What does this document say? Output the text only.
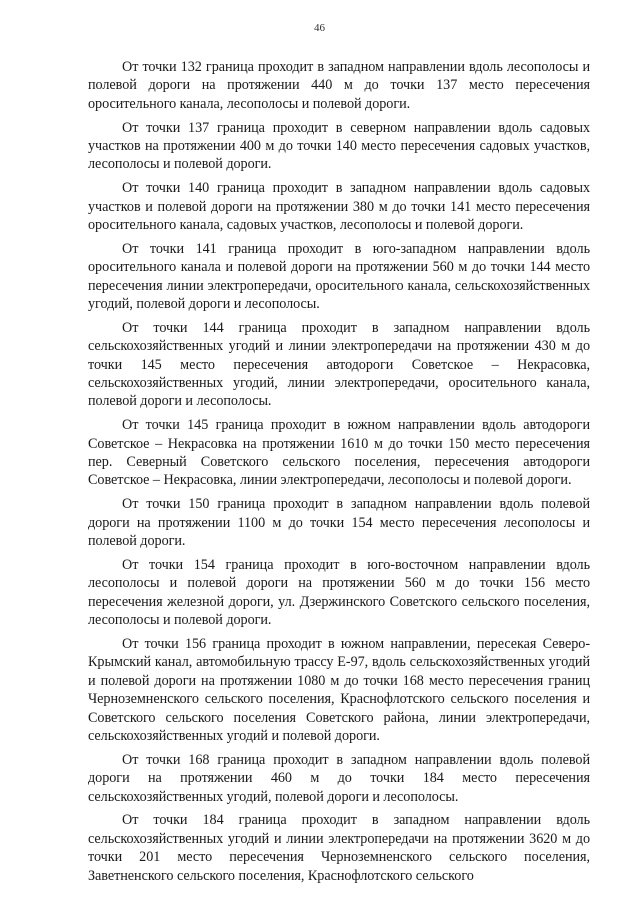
46

От точки 132 граница проходит в западном направлении вдоль лесополосы и полевой дороги на протяжении 440 м до точки 137 место пересечения оросительного канала, лесополосы и полевой дороги.

От точки 137 граница проходит в северном направлении вдоль садовых участков на протяжении 400 м до точки 140 место пересечения садовых участков, лесополосы и полевой дороги.

От точки 140 граница проходит в западном направлении вдоль садовых участков и полевой дороги на протяжении 380 м до точки 141 место пересечения оросительного канала, садовых участков, лесополосы и полевой дороги.

От точки 141 граница проходит в юго-западном направлении вдоль оросительного канала и полевой дороги на протяжении 560 м до точки 144 место пересечения линии электропередачи, оросительного канала, сельскохозяйственных угодий, полевой дороги и лесополосы.

От точки 144 граница проходит в западном направлении вдоль сельскохозяйственных угодий и линии электропередачи на протяжении 430 м до точки 145 место пересечения автодороги Советское – Некрасовка, сельскохозяйственных угодий, линии электропередачи, оросительного канала, полевой дороги и лесополосы.

От точки 145 граница проходит в южном направлении вдоль автодороги Советское – Некрасовка на протяжении 1610 м до точки 150 место пересечения пер. Северный Советского сельского поселения, пересечения автодороги Советское – Некрасовка, линии электропередачи, лесополосы и полевой дороги.

От точки 150 граница проходит в западном направлении вдоль полевой дороги на протяжении 1100 м до точки 154 место пересечения лесополосы и полевой дороги.

От точки 154 граница проходит в юго-восточном направлении вдоль лесополосы и полевой дороги на протяжении 560 м до точки 156 место пересечения железной дороги, ул. Дзержинского Советского сельского поселения, лесополосы и полевой дороги.

От точки 156 граница проходит в южном направлении, пересекая Северо-Крымский канал, автомобильную трассу Е-97, вдоль сельскохозяйственных угодий и полевой дороги на протяжении 1080 м до точки 168 место пересечения границ Черноземненского сельского поселения, Краснофлотского сельского поселения и Советского сельского поселения Советского района, линии электропередачи, сельскохозяйственных угодий и полевой дороги.

От точки 168 граница проходит в западном направлении вдоль полевой дороги на протяжении 460 м до точки 184 место пересечения сельскохозяйственных угодий, полевой дороги и лесополосы.

От точки 184 граница проходит в западном направлении вдоль сельскохозяйственных угодий и линии электропередачи на протяжении 3620 м до точки 201 место пересечения Черноземненского сельского поселения, Заветненского сельского поселения, Краснофлотского сельского
